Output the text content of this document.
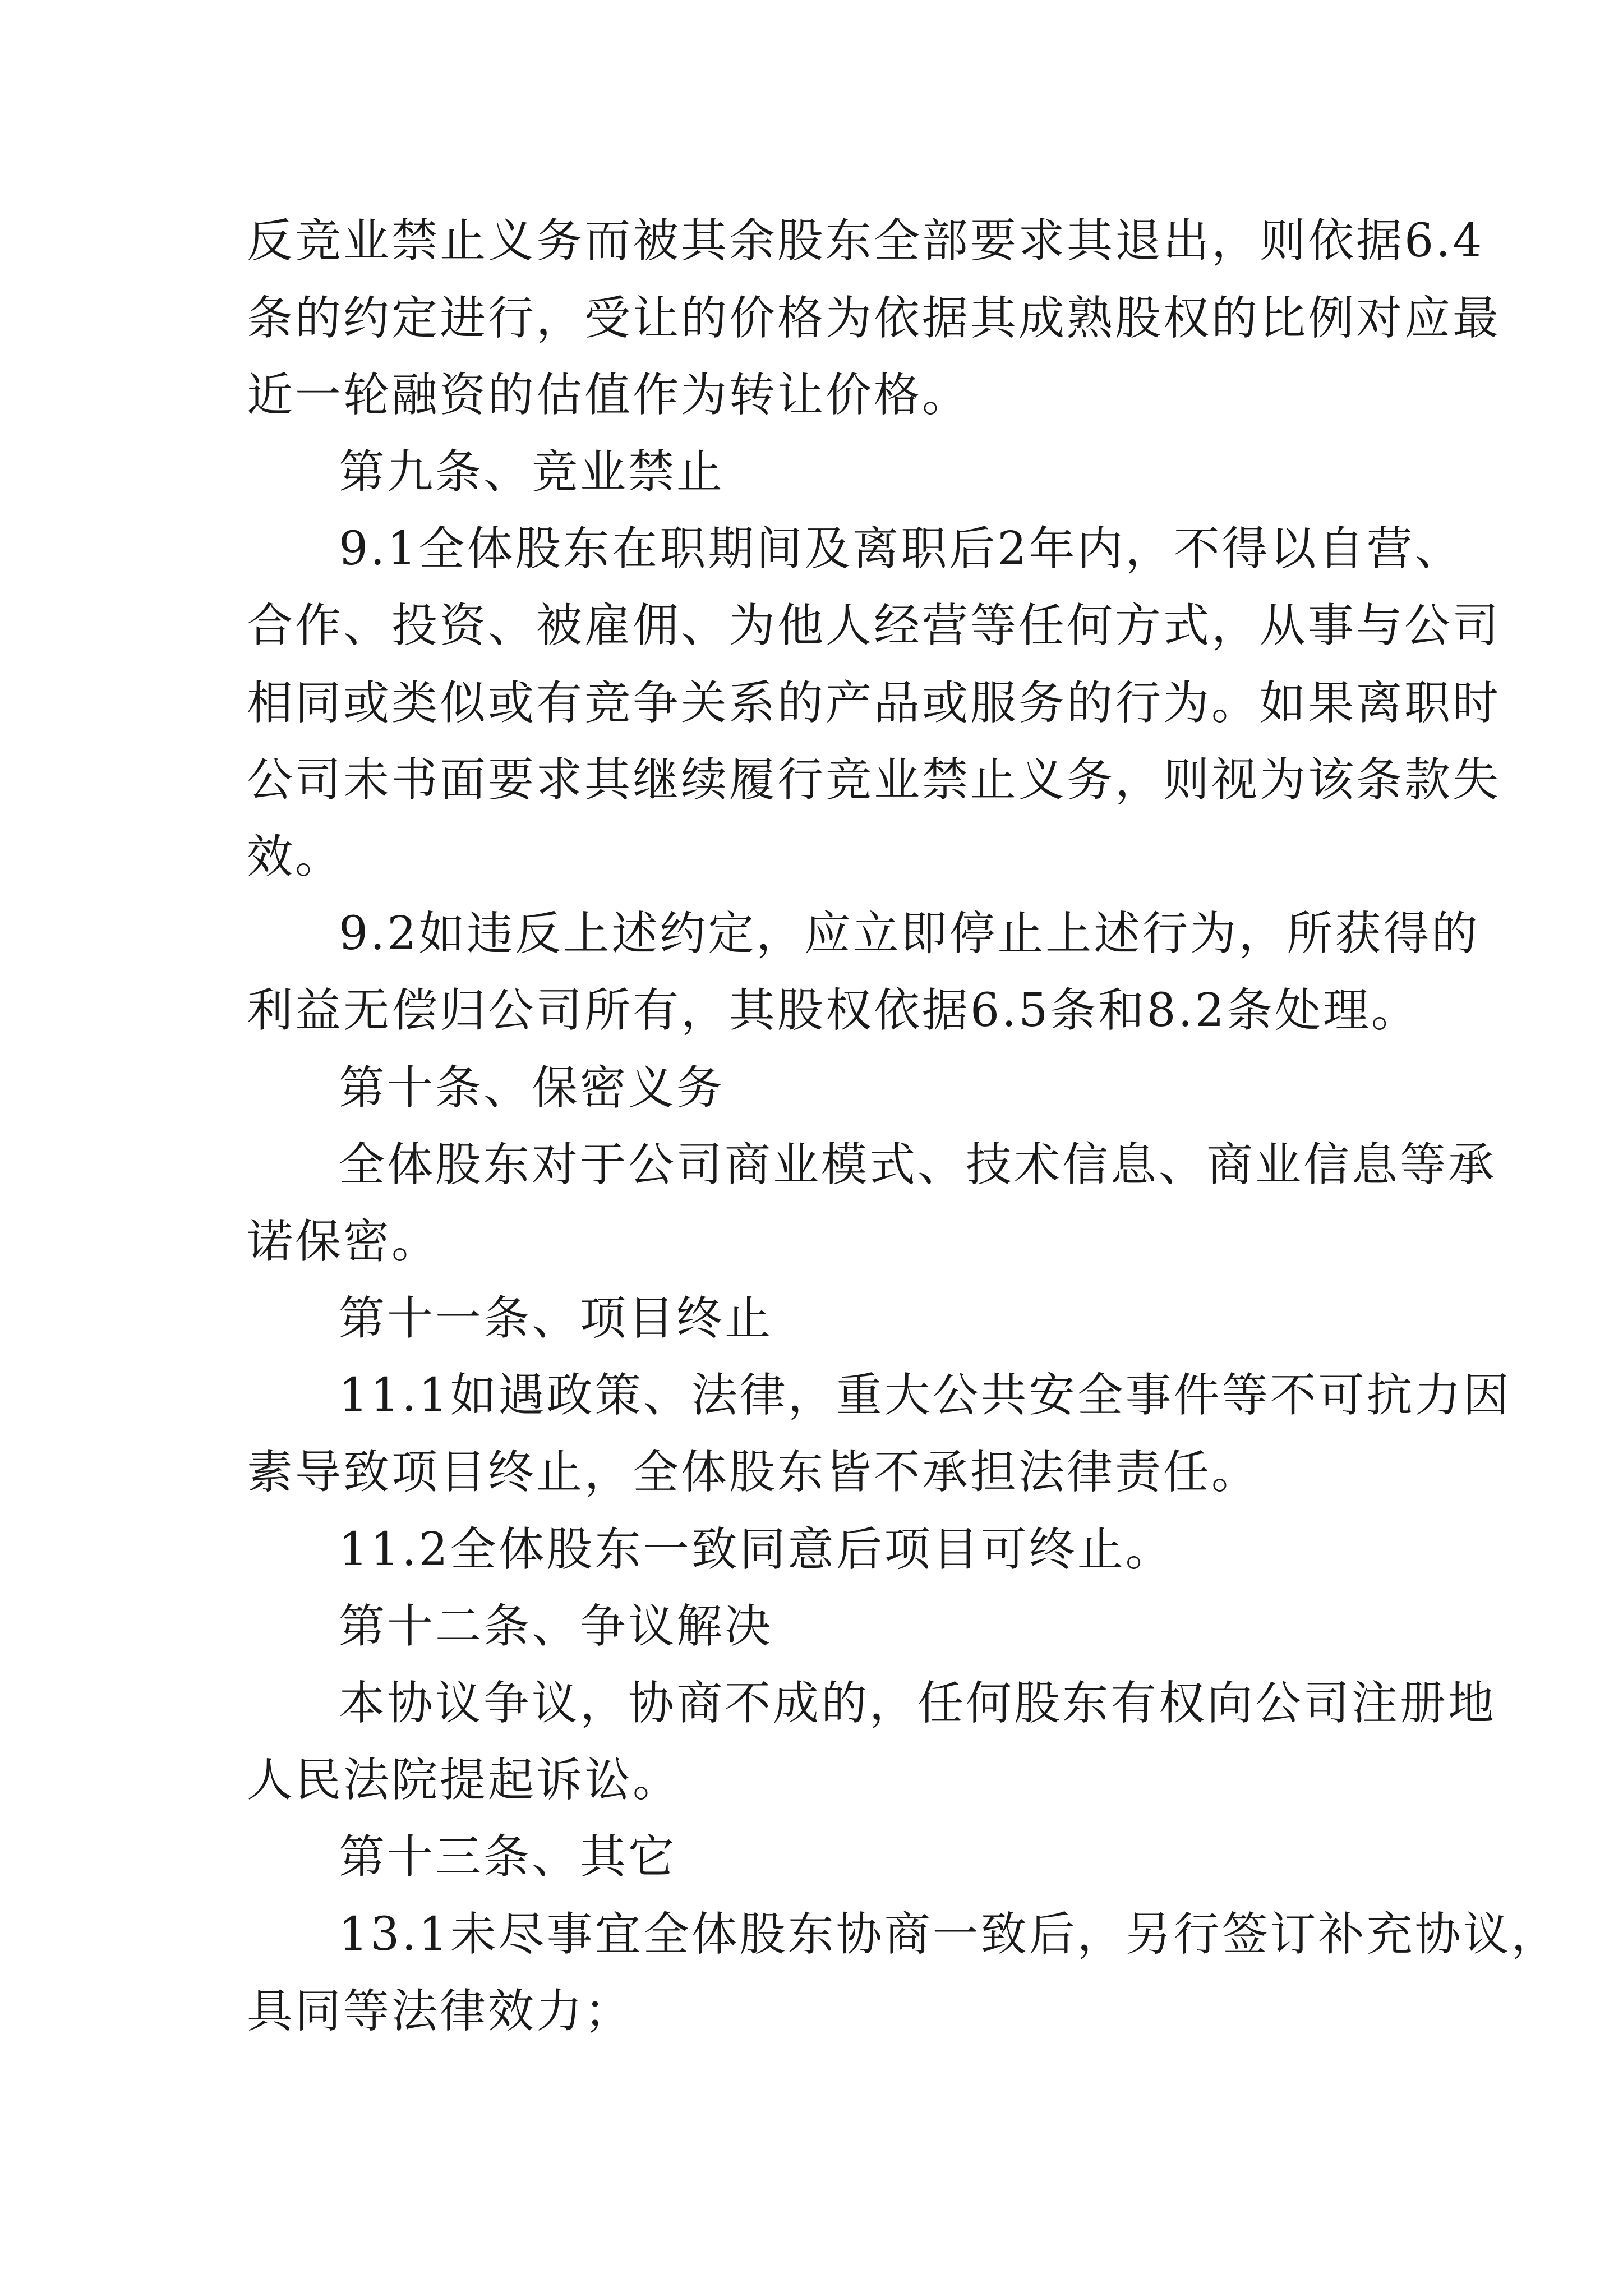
反竞业禁止义务而被其余股东全部要求其退出，则依据6.4
条的约定进行，受让的价格为依据其成熟股权的比例对应最
近一轮融资的估值作为转让价格。
第九条、竞业禁止
9.1全体股东在职期间及离职后2年内，不得以自营、
合作、投资、被雇佣、为他人经营等任何方式，从事与公司
相同或类似或有竞争关系的产品或服务的行为。如果离职时
公司未书面要求其继续履行竞业禁止义务，则视为该条款失
效。
9.2如违反上述约定，应立即停止上述行为，所获得的
利益无偿归公司所有，其股权依据6.5条和8.2条处理。
第十条、保密义务
全体股东对于公司商业模式、技术信息、商业信息等承
诺保密。
第十一条、项目终止
11.1如遇政策、法律，重大公共安全事件等不可抗力因
素导致项目终止，全体股东皆不承担法律责任。
11.2全体股东一致同意后项目可终止。
第十二条、争议解决
本协议争议，协商不成的，任何股东有权向公司注册地
人民法院提起诉讼。
第十三条、其它
13.1未尽事宜全体股东协商一致后，另行签订补充协议，
具同等法律效力；
